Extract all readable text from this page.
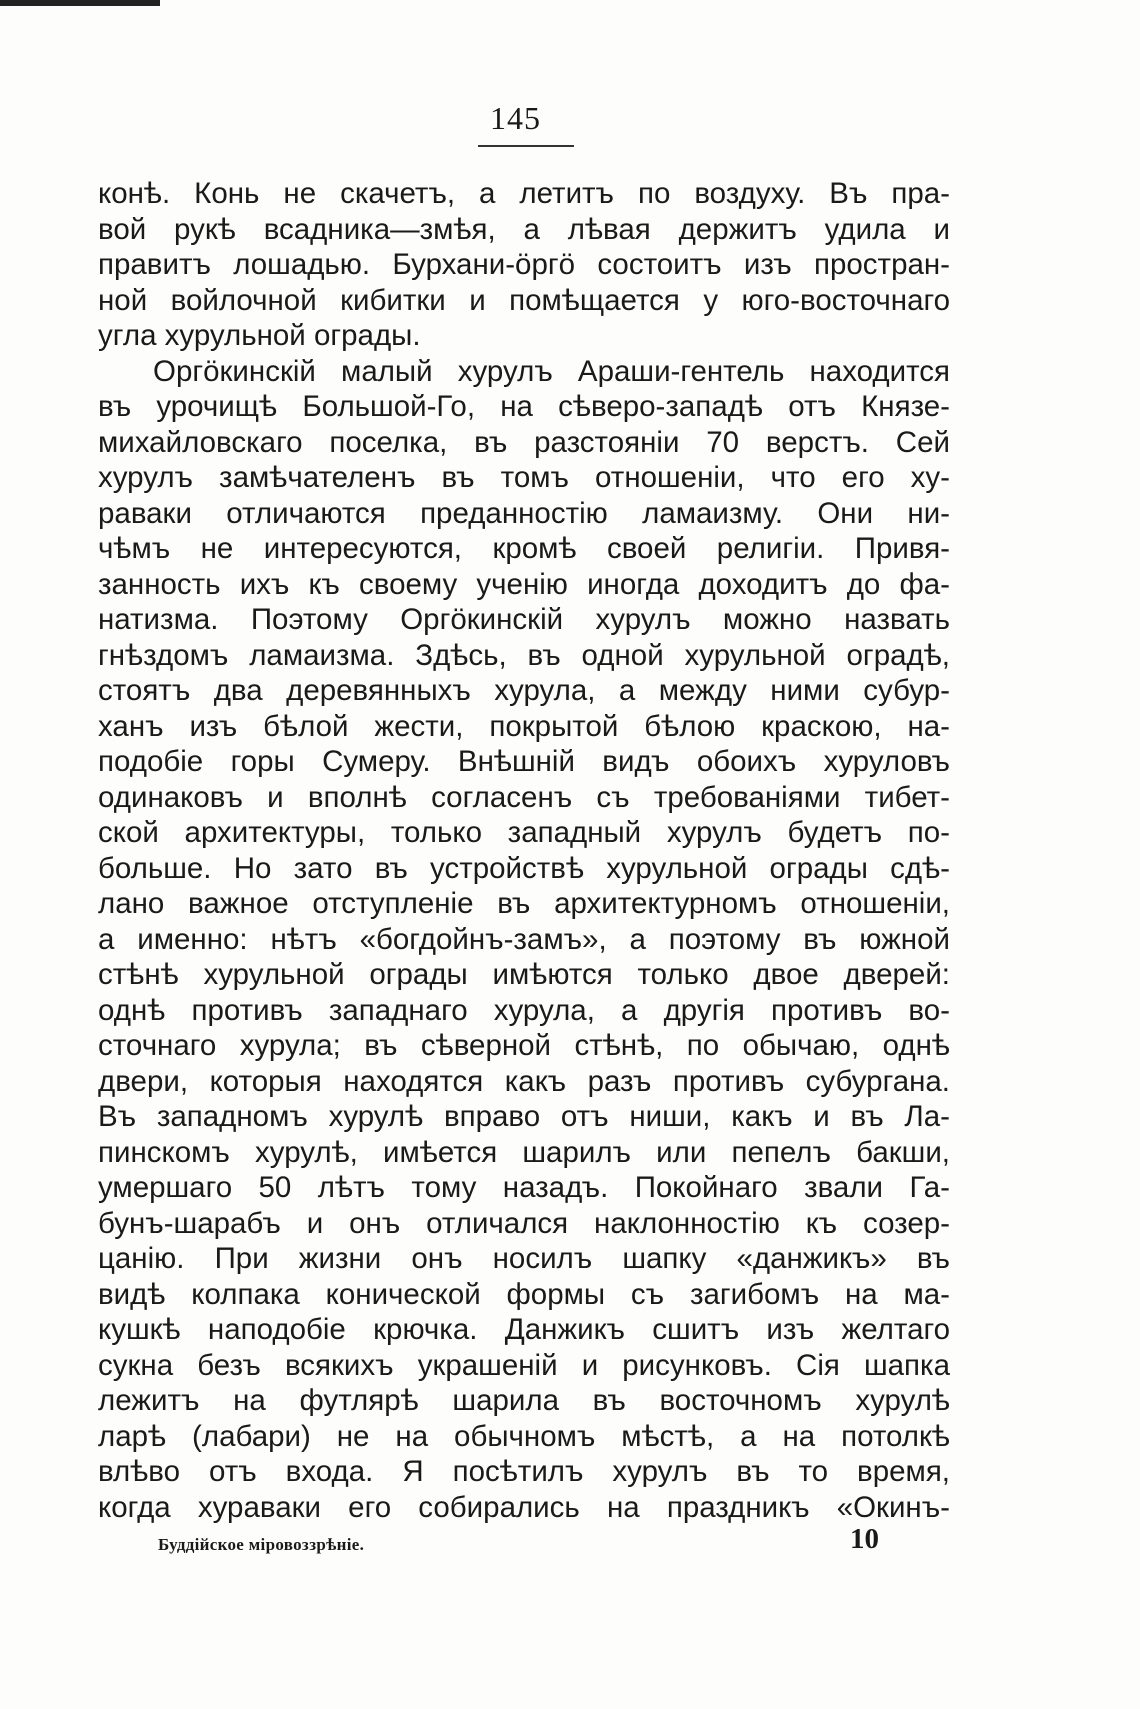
145
конѣ. Конь не скачетъ, а летитъ по воздуху. Въ пра-
вой рукѣ всадника—змѣя, а лѣвая держитъ удила и
правитъ лошадью. Бурхани-öргö состоитъ изъ простран-
ной войлочной кибитки и помѣщается у юго-восточнаго
угла хурульной ограды.
Оргöкинскій малый хурулъ Араши-гентель находится
въ урочищѣ Большой-Го, на сѣверо-западѣ отъ Князе-
михайловскаго поселка, въ разстояніи 70 верстъ. Сей
хурулъ замѣчателенъ въ томъ отношеніи, что его ху-
раваки отличаются преданностію ламаизму. Они ни-
чѣмъ не интересуются, кромѣ своей религіи. Привя-
занность ихъ къ своему ученію иногда доходитъ до фа-
натизма. Поэтому Оргöкинскій хурулъ можно назвать
гнѣздомъ ламаизма. Здѣсь, въ одной хурульной оградѣ,
стоятъ два деревянныхъ хурула, а между ними субур-
ханъ изъ бѣлой жести, покрытой бѣлою краскою, на-
подобіе горы Сумеру. Внѣшній видъ обоихъ хуруловъ
одинаковъ и вполнѣ согласенъ съ требованіями тибет-
ской архитектуры, только западный хурулъ будетъ по-
больше. Но зато въ устройствѣ хурульной ограды сдѣ-
лано важное отступленіе въ архитектурномъ отношеніи,
а именно: нѣтъ «богдойнъ-замъ», а поэтому въ южной
стѣнѣ хурульной ограды имѣются только двое дверей:
однѣ противъ западнаго хурула, а другія противъ во-
сточнаго хурула; въ сѣверной стѣнѣ, по обычаю, однѣ
двери, которыя находятся какъ разъ противъ субургана.
Въ западномъ хурулѣ вправо отъ ниши, какъ и въ Ла-
пинскомъ хурулѣ, имѣется шарилъ или пепелъ бакши,
умершаго 50 лѣтъ тому назадъ. Покойнаго звали Га-
бунъ-шарабъ и онъ отличался наклонностію къ созер-
цанію. При жизни онъ носилъ шапку «данжикъ» въ
видѣ колпака конической формы съ загибомъ на ма-
кушкѣ наподобіе крючка. Данжикъ сшитъ изъ желтаго
сукна безъ всякихъ украшеній и рисунковъ. Сія шапка
лежитъ на футлярѣ шарила въ восточномъ хурулѣ
ларѣ (лабари) не на обычномъ мѣстѣ, а на потолкѣ
влѣво отъ входа. Я посѣтилъ хурулъ въ то время,
когда хураваки его собирались на праздникъ «Окинъ-
Буддійское міровоззрѣніе.	10
